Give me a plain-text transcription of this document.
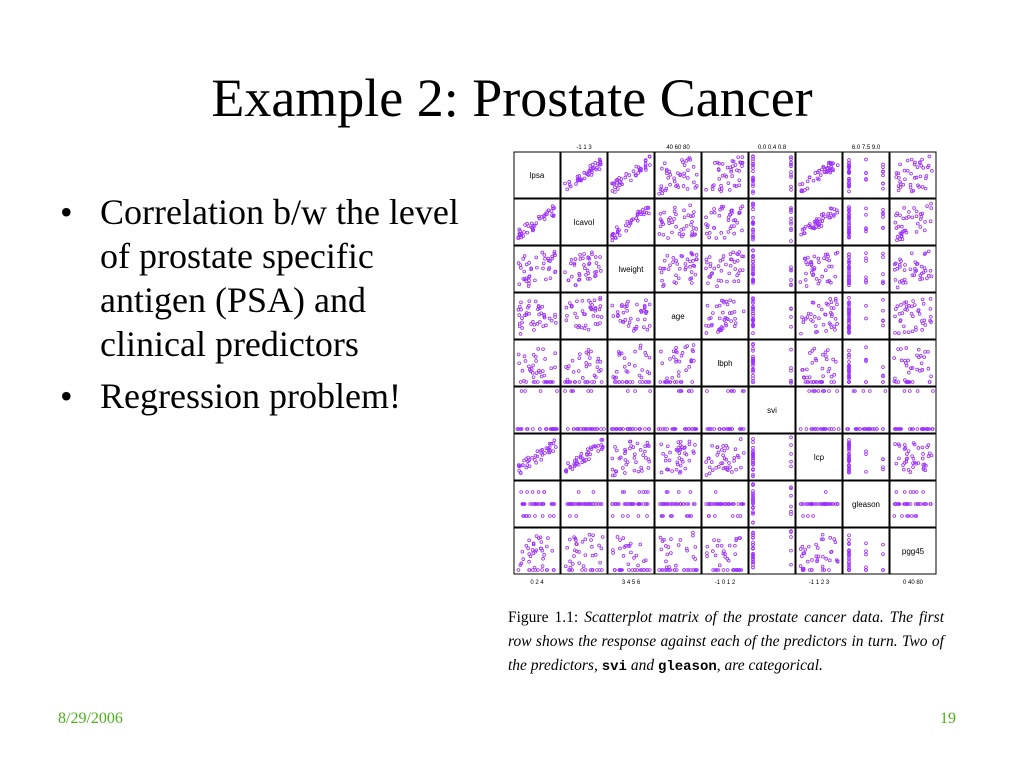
Example 2: Prostate Cancer
• Correlation b/w the level of prostate specific antigen (PSA) and clinical predictors
• Regression problem!
lpsa
lcavol
lweight
age
lbph
svi
lcp
gleason
pgg45
-1 1 3	40 60 80	0.0 0.4 0.8	6.0 7.5 9.0
0 2 4	3 4 5 6	-1 0 1 2	-1 1 2 3	0 40 80
Figure 1.1: Scatterplot matrix of the prostate cancer data. The first row shows the response against each of the predictors in turn. Two of the predictors, svi and gleason, are categorical.
8/29/2006	19
